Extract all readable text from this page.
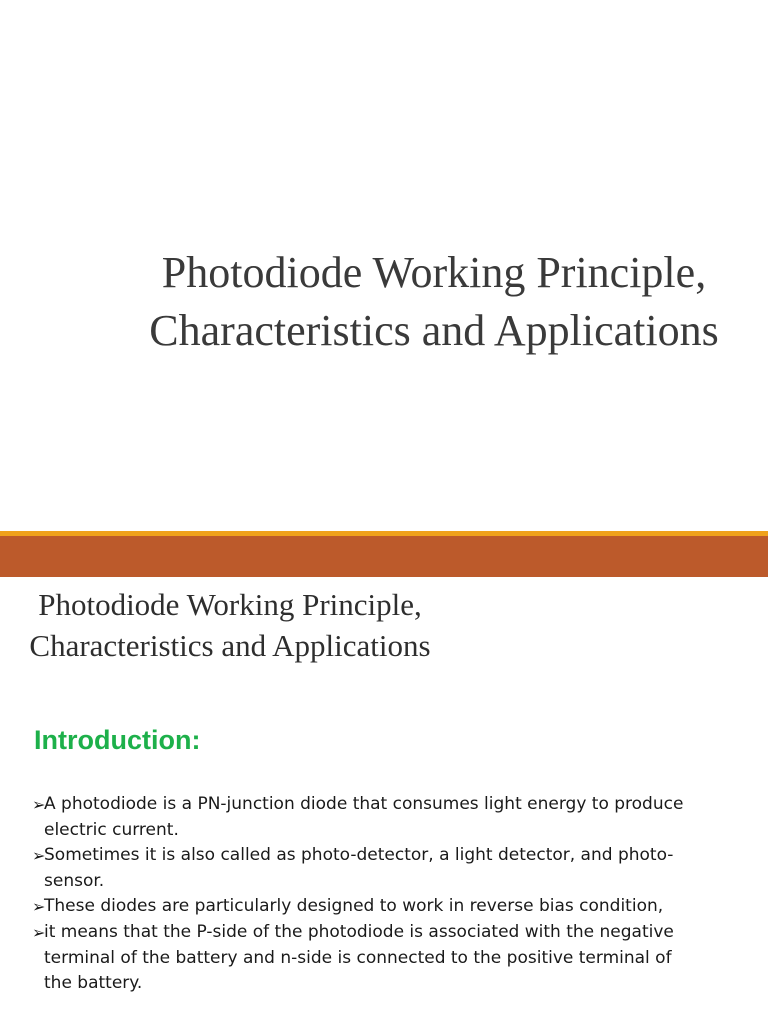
Photodiode Working Principle,
Characteristics and Applications
Photodiode Working Principle,
Characteristics and Applications
Introduction:
➢
A photodiode is a PN-junction diode that consumes light energy to produce
electric current.
➢
Sometimes it is also called as photo-detector, a light detector, and photo-
sensor.
➢
These diodes are particularly designed to work in reverse bias condition,
➢
it means that the P-side of the photodiode is associated with the negative
terminal of the battery and n-side is connected to the positive terminal of
the battery.
